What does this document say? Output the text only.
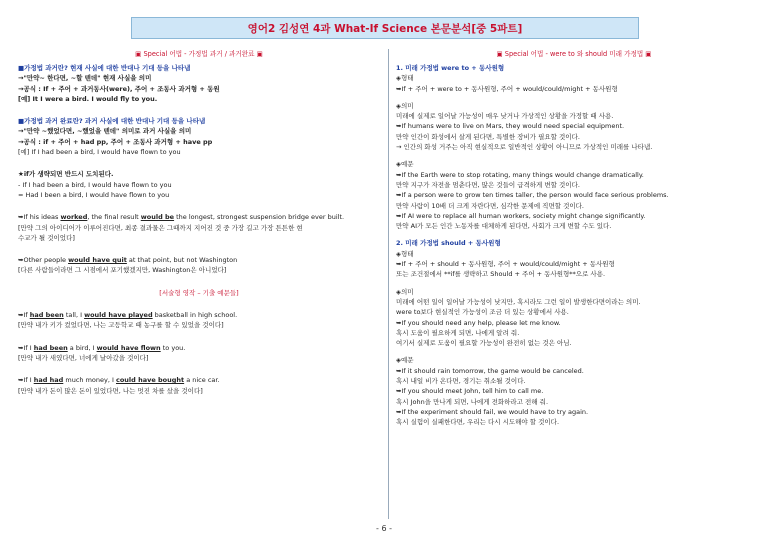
영어2 김성연 4과 What-If Science 본문분석[중 5파트]
▣ Special 어법 - 가정법 과거 / 과거완료 ▣
■가정법 과거란? 현재 사실에 대한 반대나 기대 등을 나타냄
→"만약~ 한다면, ~할 텐데" 현재 사실을 의미
→공식 : If + 주어 + 과거동사(were), 주어 + 조동사 과거형 + 동원
[예] It I were a bird. I would fly to you.
■가정법 과거 완료란? 과거 사실에 대한 반대나 기대 등을 나타냄
→"만약 ~했었다면, ~했었을 텐데" 의미로 과거 사실을 의미
→공식 : if + 주어 + had pp, 주어 + 조동사 과거형 + have pp
[예] If I had been a bird, I would have flown to you
★if가 생략되면 반드시 도치된다.
- If I had been a bird, I would have flown to you
= Had I been a bird, I would have flown to you
➥If his ideas worked, the final result would be the longest, strongest suspension bridge ever built.
[만약 그의 아이디어가 이루어진다면, 최종 결과물은 그때까지 지어진 것 중 가장 길고 가장 튼튼한 현
수교가 될 것이었다]
➥Other people would have quit at that point, but not Washington
[다른 사람들이라면 그 시점에서 포기했겠지만, Washington은 아니었다]
[서술형 영작 – 기출 예문들]
➥If had been tall, I would have played basketball in high school.
[만약 내가 키가 컸었다면, 나는 고등학교 때 농구를 할 수 있었을 것이다]
➥If I had been a bird, I would have flown to you.
[만약 내가 새였다면, 너에게 날아갔을 것이다]
➥If I had had much money, I could have bought a nice car.
[만약 내가 돈이 많은 돈이 있었다면, 나는 멋진 차를 샀을 것이다]
▣ Special 어법 - were to 와 should 미래 가정법 ▣
1. 미래 가정법 were to + 동사원형
◈형태
➥If + 주어 + were to + 동사원형, 주어 + would/could/might + 동사원형
◈의미
미래에 실제로 일어날 가능성이 매우 낮거나 가상적인 상황을 가정할 때 사용.
➥If humans were to live on Mars, they would need special equipment.
만약 인간이 화성에서 살게 된다면, 특별한 장비가 필요할 것이다.
→ 인간의 화성 거주는 아직 현실적으로 일반적인 상황이 아니므로 가상적인 미래를 나타냄.
◈예문
➥If the Earth were to stop rotating, many things would change dramatically.
만약 지구가 자전을 멈춘다면, 많은 것들이 급격하게 변할 것이다.
➥If a person were to grow ten times taller, the person would face serious problems.
만약 사람이 10배 더 크게 자란다면, 심각한 문제에 직면할 것이다.
➥If AI were to replace all human workers, society might change significantly.
만약 AI가 모든 인간 노동자를 대체하게 된다면, 사회가 크게 변할 수도 있다.
2. 미래 가정법 should + 동사원형
◈형태
➥If + 주어 + should + 동사원형, 주어 + would/could/might + 동사원형
또는 조건절에서 **if를 생략하고 Should + 주어 + 동사원형**으로 사용.
◈의미
미래에 어떤 일이 일어날 가능성이 낮지만, 혹시라도 그런 일이 발생한다면이라는 의미.
were to보다 현실적인 가능성이 조금 더 있는 상황에서 사용.
➥If you should need any help, please let me know.
혹시 도움이 필요하게 되면, 나에게 알려 줘.
여기서 실제로 도움이 필요할 가능성이 완전히 없는 것은 아님.
◈예문
➥If it should rain tomorrow, the game would be canceled.
혹시 내일 비가 온다면, 경기는 취소될 것이다.
➥If you should meet John, tell him to call me.
혹시 John을 만나게 되면, 나에게 전화하라고 전해 줘.
➥If the experiment should fail, we would have to try again.
혹시 실험이 실패한다면, 우리는 다시 시도해야 할 것이다.
- 6 -
